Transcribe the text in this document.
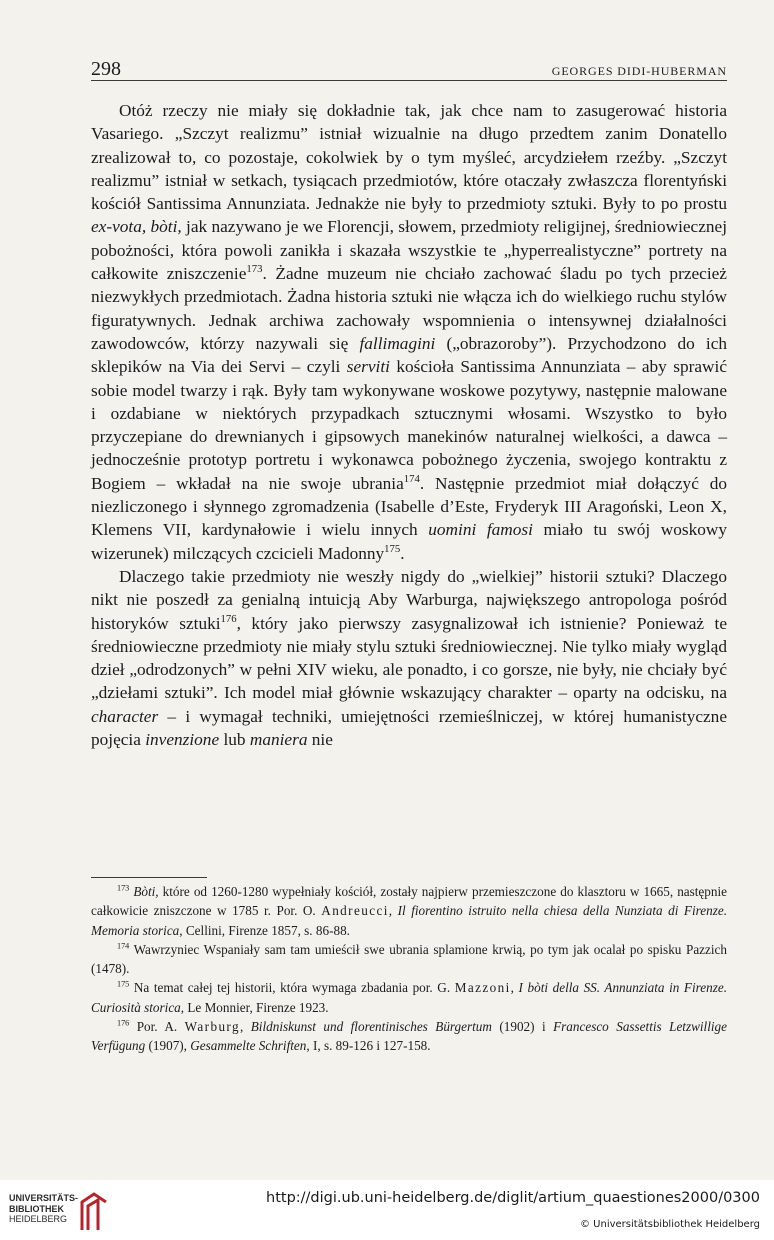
298	GEORGES DIDI-HUBERMAN

Otóż rzeczy nie miały się dokładnie tak, jak chce nam to zasugerować historia Vasariego. „Szczyt realizmu” istniał wizualnie na długo przedtem zanim Donatello zrealizował to, co pozostaje, cokolwiek by o tym myśleć, arcydziełem rzeźby. „Szczyt realizmu” istniał w setkach, tysiącach przedmiotów, które otaczały zwłaszcza florentyński kościół Santissima Annunziata. Jednakże nie były to przedmioty sztuki. Były to po prostu ex-vota, bòti, jak nazywano je we Florencji, słowem, przedmioty religijnej, średniowiecznej pobożności, która powoli zanikła i skazała wszystkie te „hyperrealistyczne” portrety na całkowite zniszczenie$^{173}$. Żadne muzeum nie chciało zachować śladu po tych przecież niezwykłych przedmiotach. Żadna historia sztuki nie włącza ich do wielkiego ruchu stylów figuratywnych. Jednak archiwa zachowały wspomnienia o intensywnej działalności zawodowców, którzy nazywali się fallimagini („obrazoroby”). Przychodzono do ich sklepików na Via dei Servi – czyli serviti kościoła Santissima Annunziata – aby sprawić sobie model twarzy i rąk. Były tam wykonywane woskowe pozytywy, następnie malowane i ozdabiane w niektórych przypadkach sztucznymi włosami. Wszystko to było przyczepiane do drewnianych i gipsowych manekinów naturalnej wielkości, a dawca – jednocześnie prototyp portretu i wykonawca pobożnego życzenia, swojego kontraktu z Bogiem – wkładał na nie swoje ubrania$^{174}$. Następnie przedmiot miał dołączyć do niezliczonego i słynnego zgromadzenia (Isabelle d’Este, Fryderyk III Aragoński, Leon X, Klemens VII, kardynałowie i wielu innych uomini famosi miało tu swój woskowy wizerunek) milczących czcicieli Madonny$^{175}$.

Dlaczego takie przedmioty nie weszły nigdy do „wielkiej” historii sztuki? Dlaczego nikt nie poszedł za genialną intuicją Aby Warburga, największego antropologa pośród historyków sztuki$^{176}$, który jako pierwszy zasygnalizował ich istnienie? Ponieważ te średniowieczne przedmioty nie miały stylu sztuki średniowiecznej. Nie tylko miały wygląd dzieł „odrodzonych” w pełni XIV wieku, ale ponadto, i co gorsze, nie były, nie chciały być „dziełami sztuki”. Ich model miał głównie wskazujący charakter – oparty na odcisku, na character – i wymagał techniki, umiejętności rzemieślniczej, w której humanistyczne pojęcia invenzione lub maniera nie

$^{173}$ Bòti, które od 1260-1280 wypełniały kościół, zostały najpierw przemieszczone do klasztoru w 1665, następnie całkowicie zniszczone w 1785 r. Por. O. Andreucci, Il fiorentino istruito nella chiesa della Nunziata di Firenze. Memoria storica, Cellini, Firenze 1857, s. 86-88.

$^{174}$ Wawrzyniec Wspaniały sam tam umieścił swe ubrania splamione krwią, po tym jak ocalał po spisku Pazzich (1478).

$^{175}$ Na temat całej tej historii, która wymaga zbadania por. G. Mazzoni, I bòti della SS. Annunziata in Firenze. Curiosità storica, Le Monnier, Firenze 1923.

$^{176}$ Por. A. Warburg, Bildniskunst und florentinisches Bürgertum (1902) i Francesco Sassettis Letzwillige Verfügung (1907), Gesammelte Schriften, I, s. 89-126 i 127-158.

UNIVERSITÄTS-
BIBLIOTHEK
HEIDELBERG
http://digi.ub.uni-heidelberg.de/diglit/artium_quaestiones2000/0300
© Universitätsbibliothek Heidelberg
